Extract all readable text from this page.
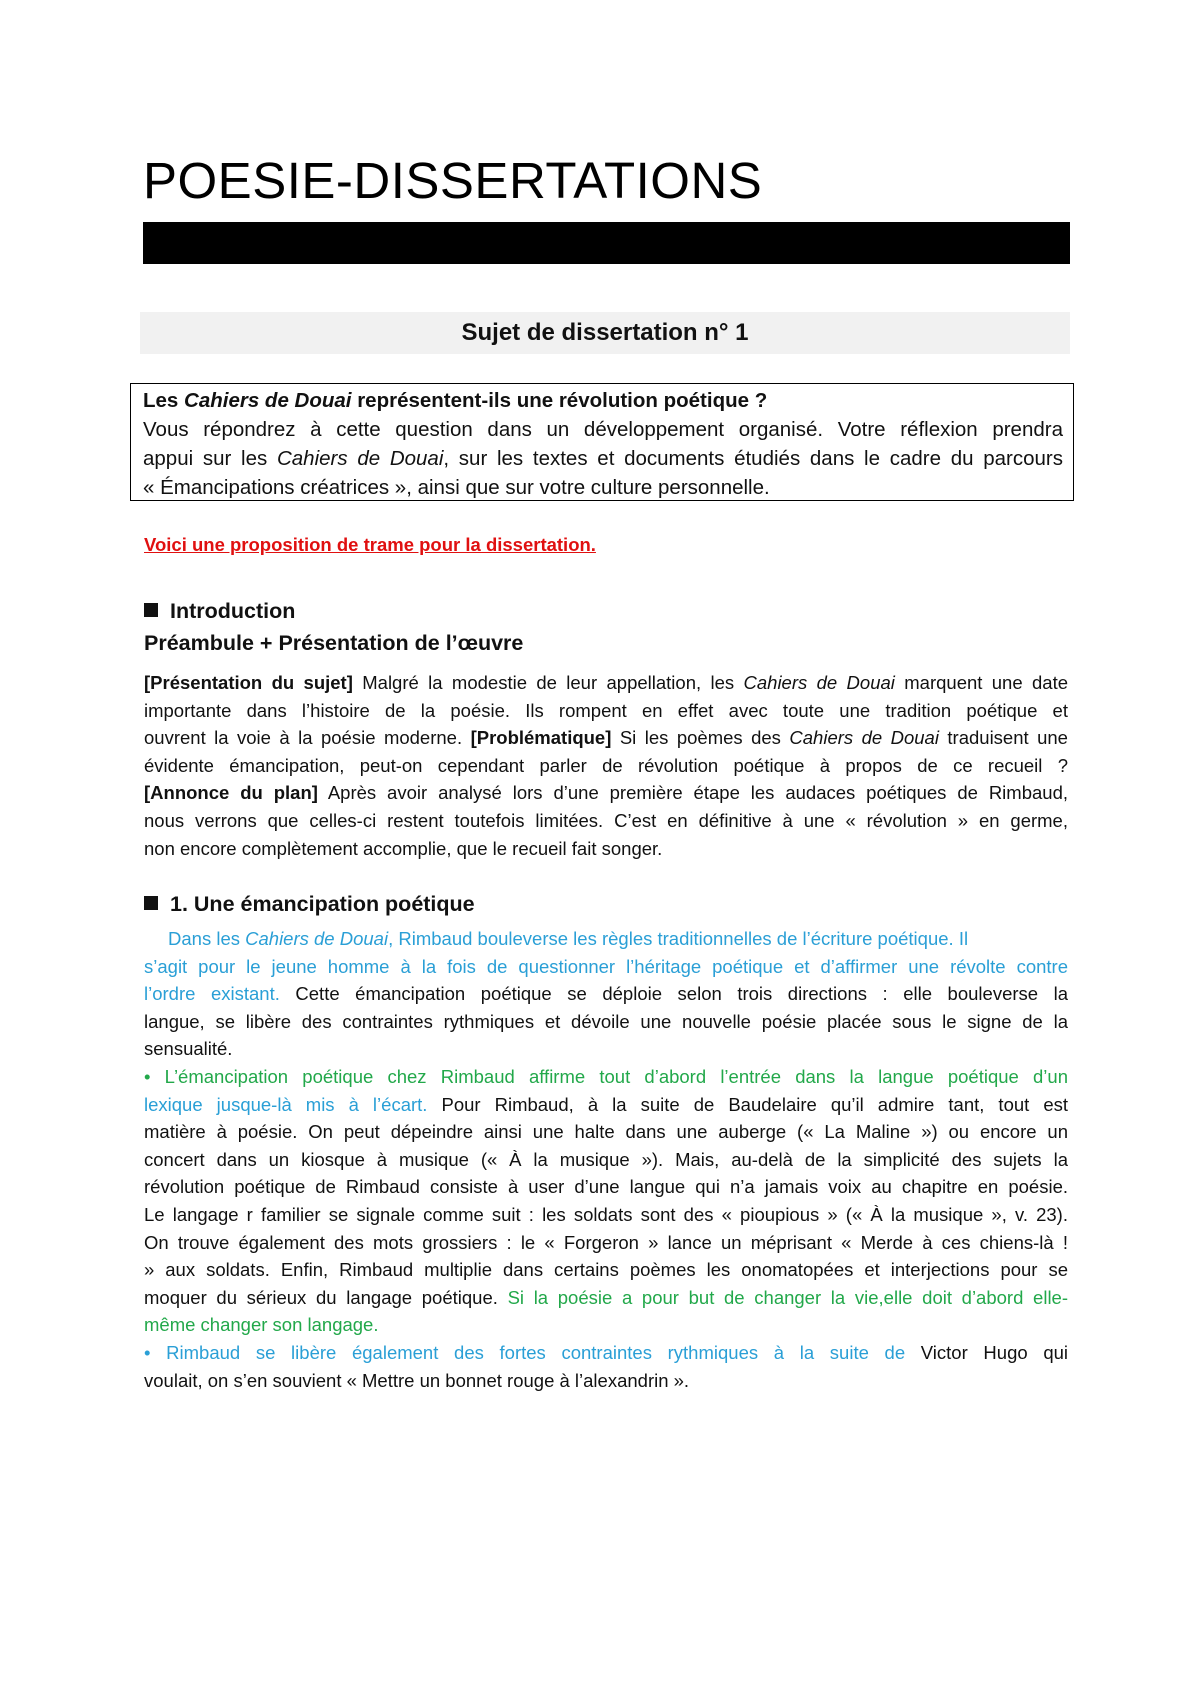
POESIE-DISSERTATIONS
Sujet de dissertation n° 1
Les Cahiers de Douai représentent-ils une révolution poétique ?
Vous répondrez à cette question dans un développement organisé. Votre réflexion prendra
appui sur les Cahiers de Douai, sur les textes et documents étudiés dans le cadre du parcours
« Émancipations créatrices », ainsi que sur votre culture personnelle.
Voici une proposition de trame pour la dissertation.
Introduction
Préambule + Présentation de l’œuvre
[Présentation du sujet] Malgré la modestie de leur appellation, les Cahiers de Douai marquent une date
importante dans l’histoire de la poésie. Ils rompent en effet avec toute une tradition poétique et
ouvrent la voie à la poésie moderne. [Problématique] Si les poèmes des Cahiers de Douai traduisent une
évidente émancipation, peut-on cependant parler de révolution poétique à propos de ce recueil ?
[Annonce du plan] Après avoir analysé lors d’une première étape les audaces poétiques de Rimbaud,
nous verrons que celles-ci restent toutefois limitées. C’est en définitive à une « révolution » en germe,
non encore complètement accomplie, que le recueil fait songer.
1. Une émancipation poétique
Dans les Cahiers de Douai, Rimbaud bouleverse les règles traditionnelles de l’écriture poétique. Il
s’agit pour le jeune homme à la fois de questionner l’héritage poétique et d’affirmer une révolte contre
l’ordre existant. Cette émancipation poétique se déploie selon trois directions : elle bouleverse la
langue, se libère des contraintes rythmiques et dévoile une nouvelle poésie placée sous le signe de la
sensualité.
• L’émancipation poétique chez Rimbaud affirme tout d’abord l’entrée dans la langue poétique d’un
lexique jusque-là mis à l’écart. Pour Rimbaud, à la suite de Baudelaire qu’il admire tant, tout est
matière à poésie. On peut dépeindre ainsi une halte dans une auberge (« La Maline ») ou encore un
concert dans un kiosque à musique (« À la musique »). Mais, au-delà de la simplicité des sujets la
révolution poétique de Rimbaud consiste à user d’une langue qui n’a jamais voix au chapitre en poésie.
Le langage r familier se signale comme suit : les soldats sont des « pioupious » (« À la musique », v. 23).
On trouve également des mots grossiers : le « Forgeron » lance un méprisant « Merde à ces chiens-là !
» aux soldats. Enfin, Rimbaud multiplie dans certains poèmes les onomatopées et interjections pour se
moquer du sérieux du langage poétique. Si la poésie a pour but de changer la vie,elle doit d’abord elle-
même changer son langage.
• Rimbaud se libère également des fortes contraintes rythmiques à la suite de Victor Hugo qui
voulait, on s’en souvient « Mettre un bonnet rouge à l’alexandrin ».
